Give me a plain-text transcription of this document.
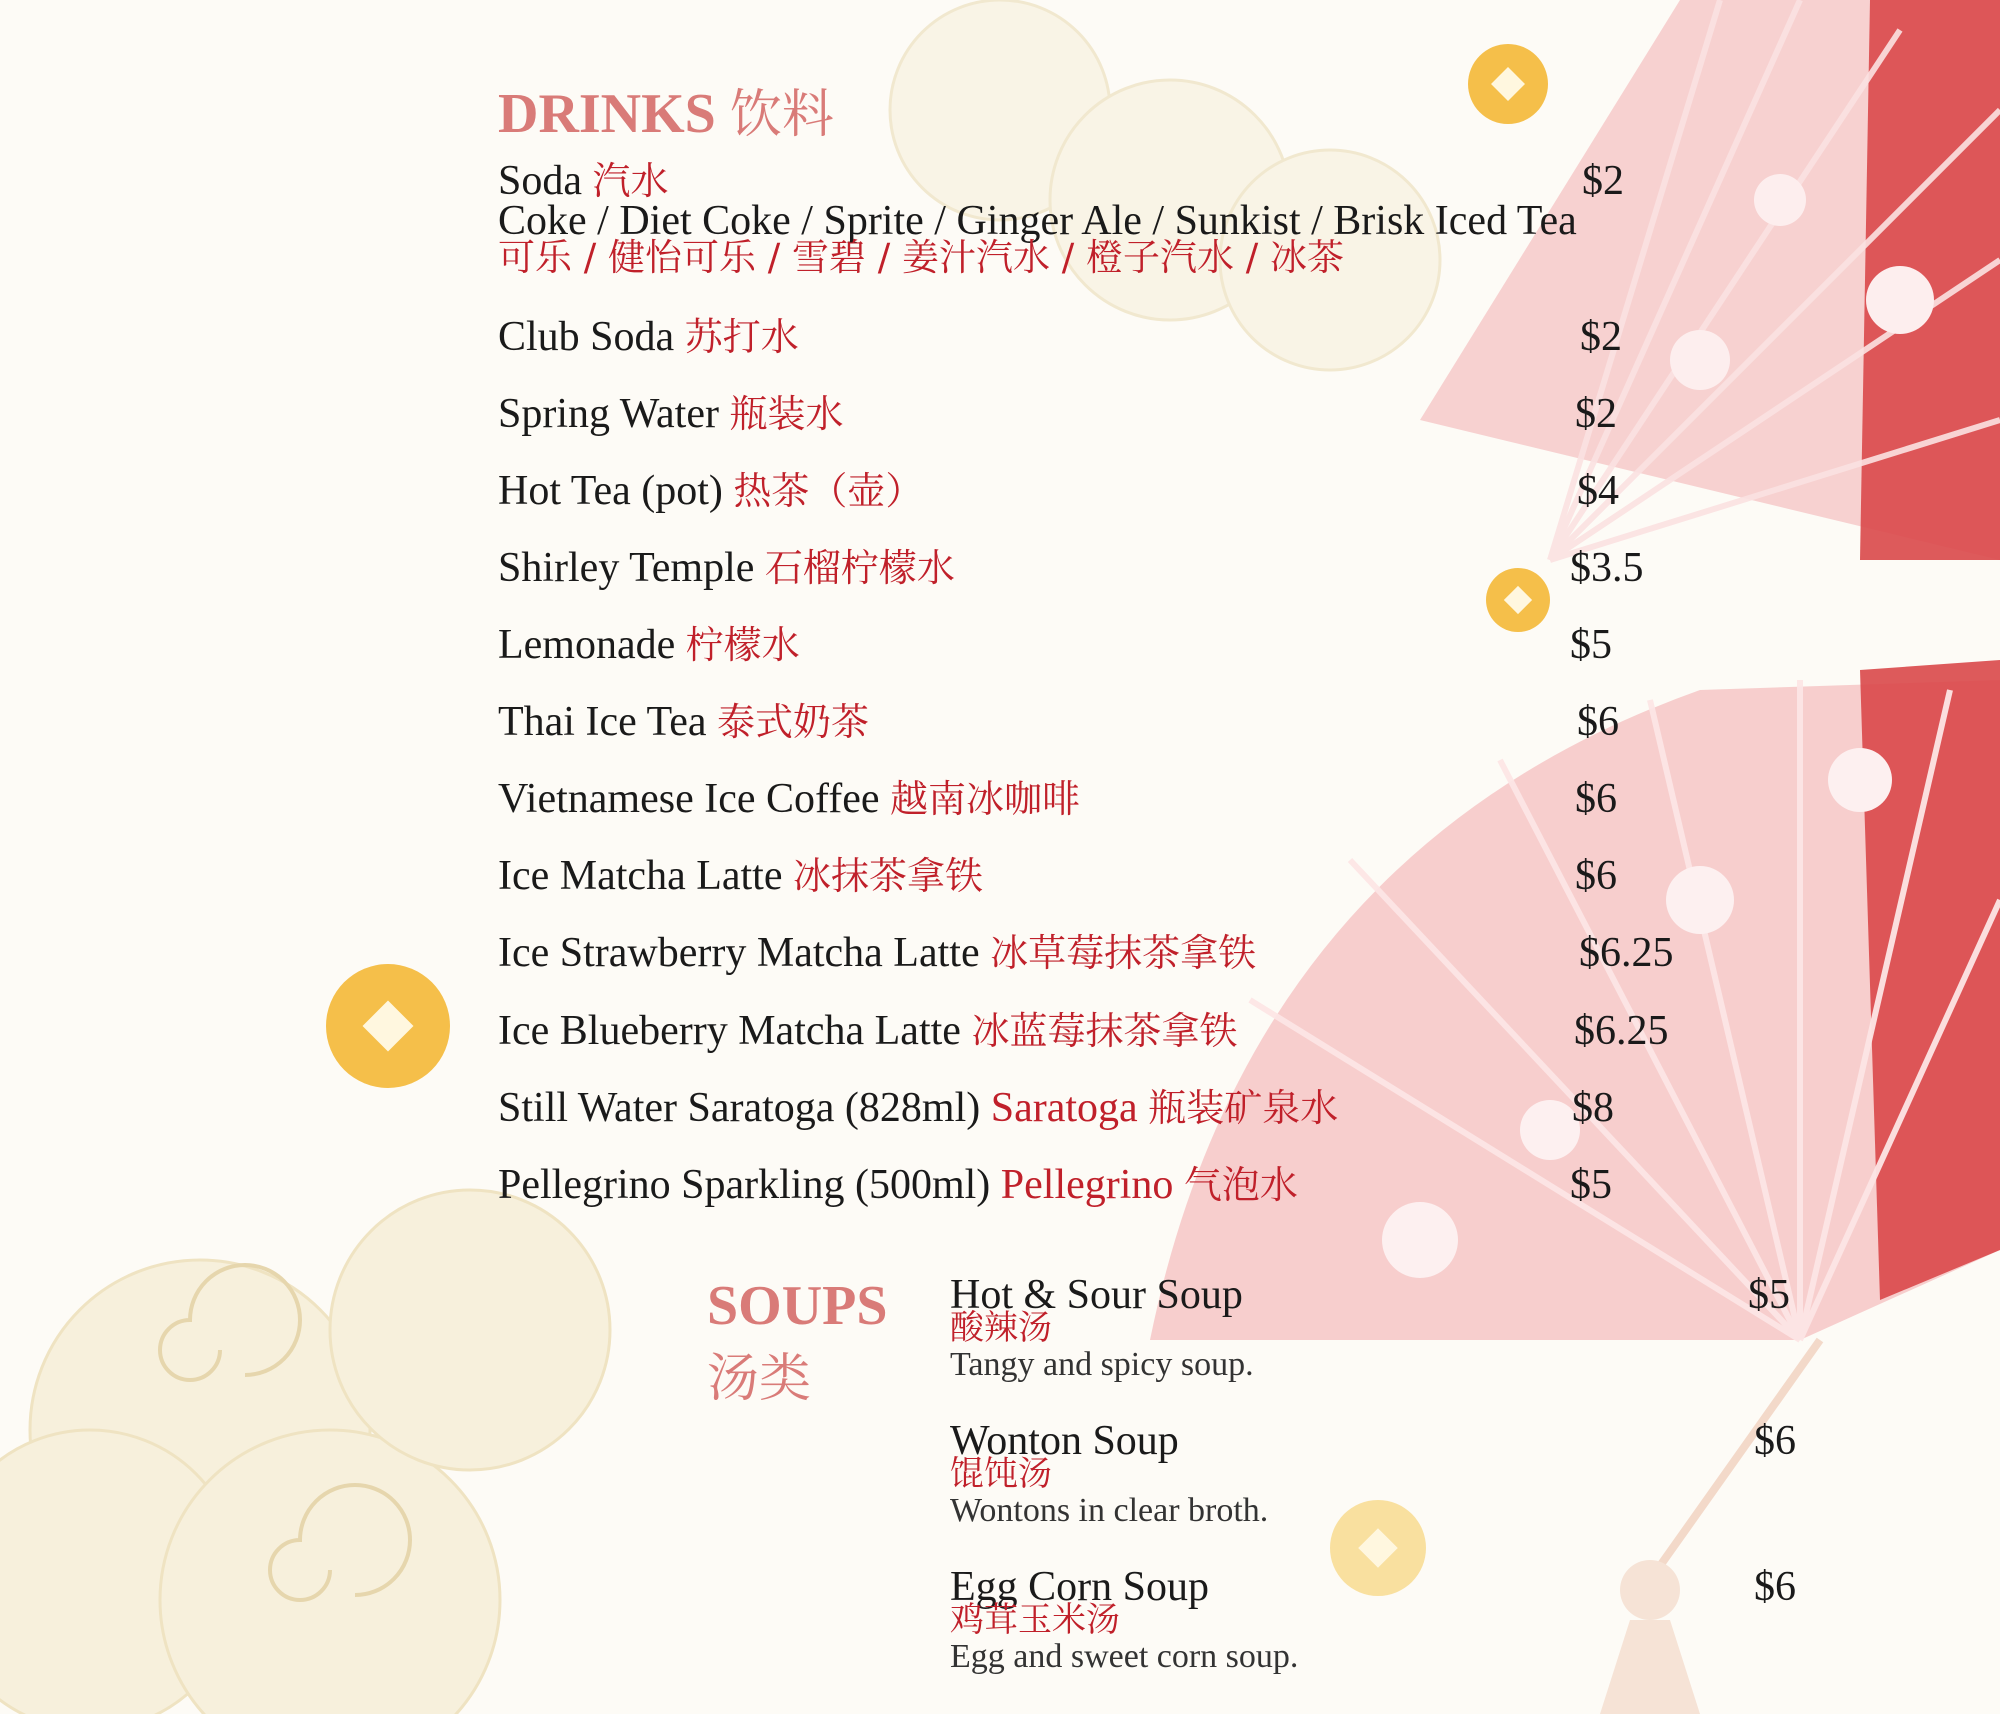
DRINKS 饮料
Soda 汽水	$2
Coke / Diet Coke / Sprite / Ginger Ale / Sunkist / Brisk Iced Tea
可乐 / 健怡可乐 / 雪碧 / 姜汁汽水 / 橙子汽水 / 冰茶
Club Soda 苏打水	$2
Spring Water 瓶装水	$2
Hot Tea (pot) 热茶（壶）	$4
Shirley Temple 石榴柠檬水	$3.5
Lemonade 柠檬水	$5
Thai Ice Tea 泰式奶茶	$6
Vietnamese Ice Coffee 越南冰咖啡	$6
Ice Matcha Latte 冰抹茶拿铁	$6
Ice Strawberry Matcha Latte 冰草莓抹茶拿铁	$6.25
Ice Blueberry Matcha Latte 冰蓝莓抹茶拿铁	$6.25
Still Water Saratoga (828ml) Saratoga 瓶装矿泉水	$8
Pellegrino Sparkling (500ml) Pellegrino 气泡水	$5
SOUPS
汤类
Hot & Sour Soup
酸辣汤
Tangy and spicy soup.
$5
Wonton Soup
馄饨汤
Wontons in clear broth.
$6
Egg Corn Soup
鸡茸玉米汤
Egg and sweet corn soup.
$6
